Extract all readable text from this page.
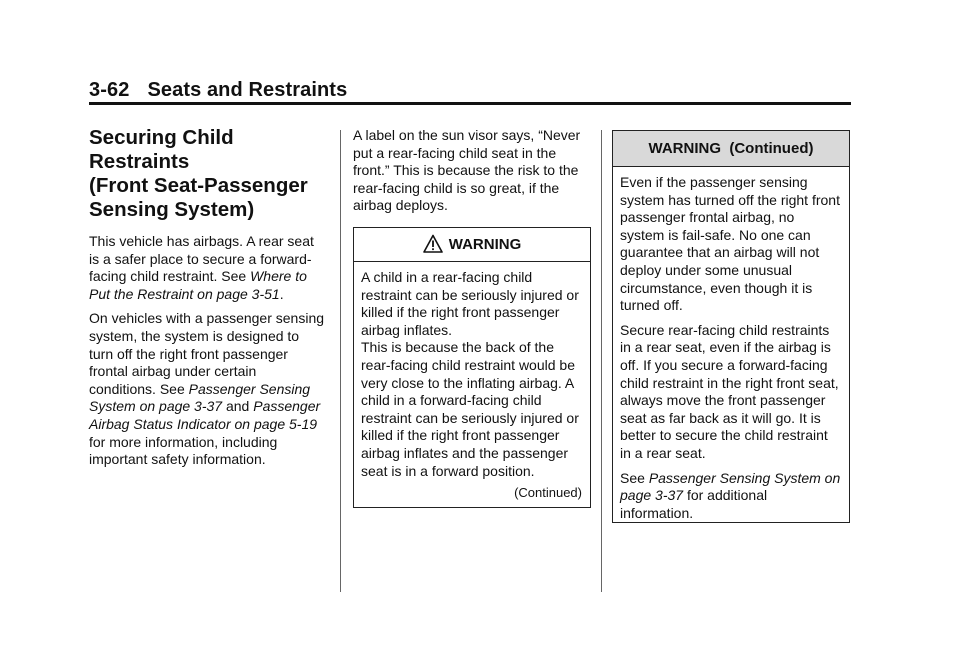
3-62 Seats and Restraints
Securing Child Restraints
(Front Seat-Passenger
Sensing System)

This vehicle has airbags. A rear seat is a safer place to secure a forward-facing child restraint. See Where to Put the Restraint on page 3-51.

On vehicles with a passenger sensing system, the system is designed to turn off the right front passenger frontal airbag under certain conditions. See Passenger Sensing System on page 3-37 and Passenger Airbag Status Indicator on page 5-19 for more information, including important safety information.

A label on the sun visor says, “Never put a rear-facing child seat in the front.” This is because the risk to the rear-facing child is so great, if the airbag deploys.

WARNING

A child in a rear-facing child restraint can be seriously injured or killed if the right front passenger airbag inflates.
This is because the back of the rear-facing child restraint would be very close to the inflating airbag. A child in a forward-facing child restraint can be seriously injured or killed if the right front passenger airbag inflates and the passenger seat is in a forward position.

(Continued)
WARNING  (Continued)

Even if the passenger sensing system has turned off the right front passenger frontal airbag, no system is fail-safe. No one can guarantee that an airbag will not deploy under some unusual circumstance, even though it is turned off.

Secure rear-facing child restraints in a rear seat, even if the airbag is off. If you secure a forward-facing child restraint in the right front seat, always move the front passenger seat as far back as it will go. It is better to secure the child restraint in a rear seat.

See Passenger Sensing System on page 3-37 for additional information.
